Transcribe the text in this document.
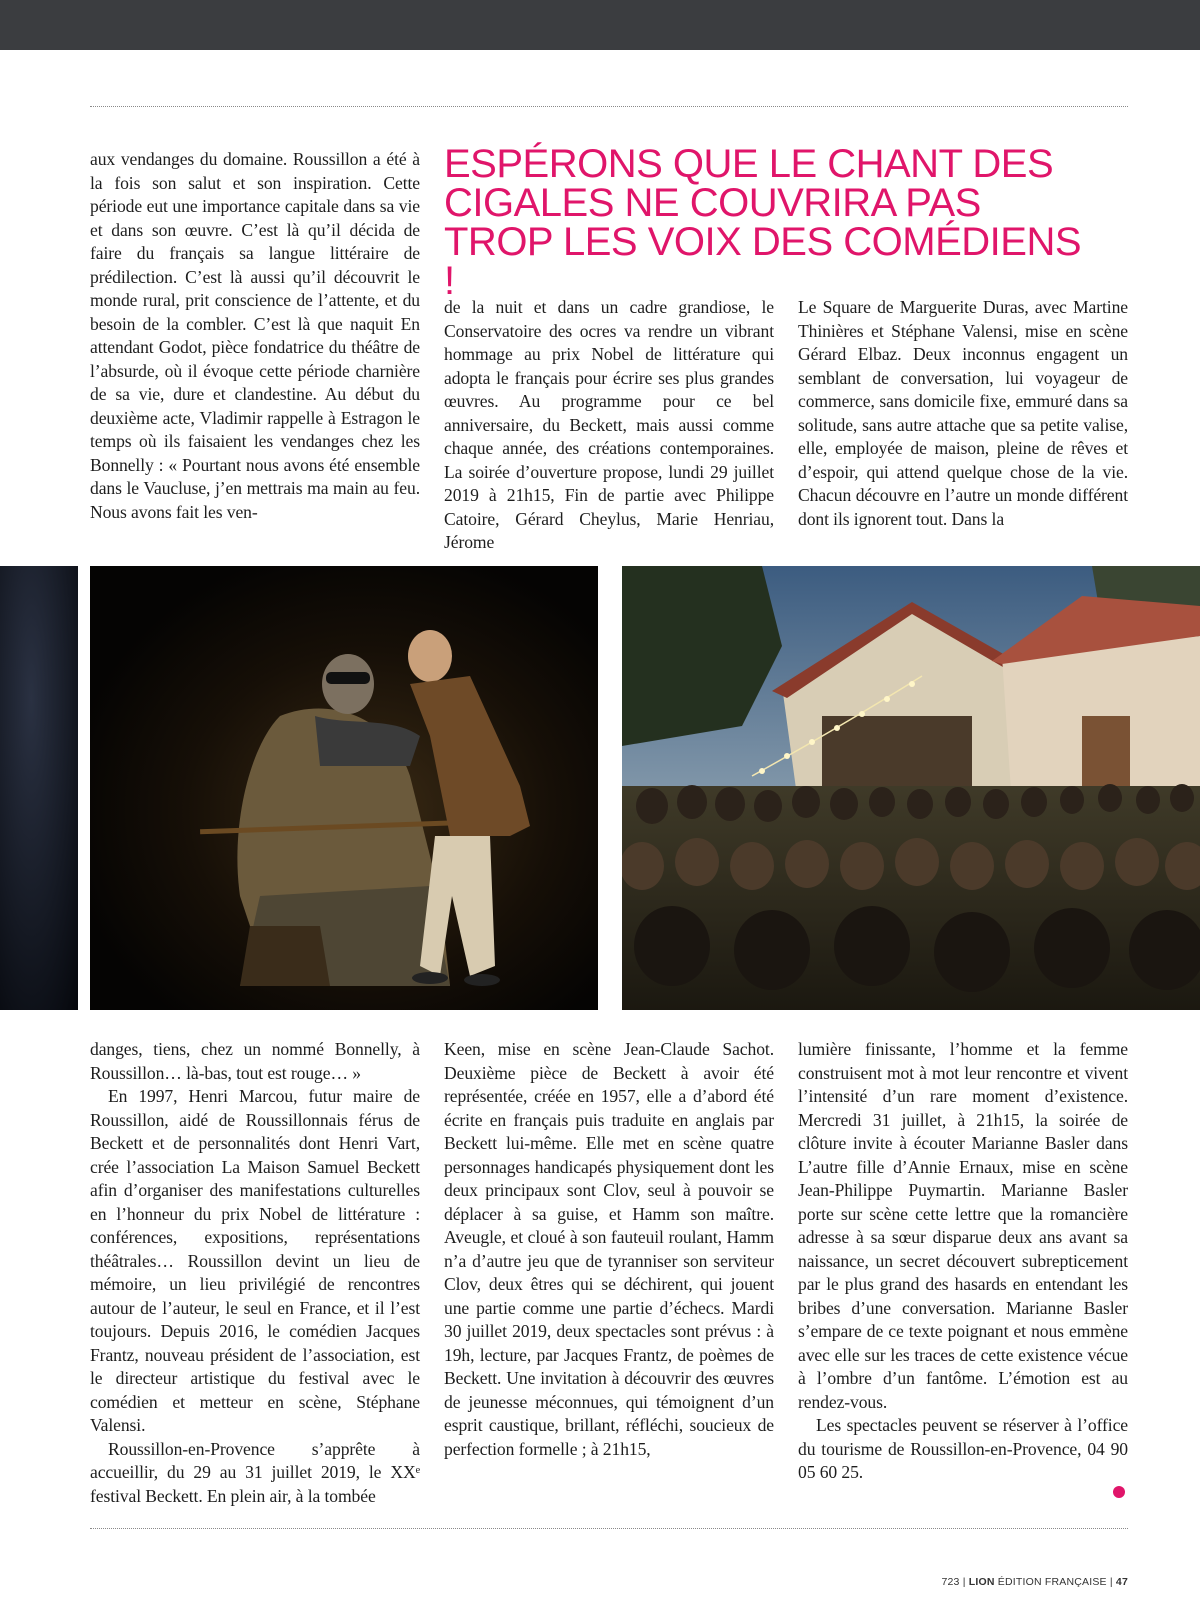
aux vendanges du domaine. Roussillon a été à la fois son salut et son inspiration. Cette période eut une importance capitale dans sa vie et dans son œuvre. C’est là qu’il décida de faire du français sa langue littéraire de prédilection. C’est là aussi qu’il découvrit le monde rural, prit conscience de l’attente, et du besoin de la combler. C’est là que naquit En attendant Godot, pièce fondatrice du théâtre de l’absurde, où il évoque cette période charnière de sa vie, dure et clandestine. Au début du deuxième acte, Vladimir rappelle à Estragon le temps où ils faisaient les vendanges chez les Bonnelly : « Pourtant nous avons été ensemble dans le Vaucluse, j’en mettrais ma main au feu. Nous avons fait les ven-

ESPÉRONS QUE LE CHANT DES CIGALES NE COUVRIRA PAS TROP LES VOIX DES COMÉDIENS !

de la nuit et dans un cadre grandiose, le Conservatoire des ocres va rendre un vibrant hommage au prix Nobel de littérature qui adopta le français pour écrire ses plus grandes œuvres. Au programme pour ce bel anniversaire, du Beckett, mais aussi comme chaque année, des créations contemporaines. La soirée d’ouverture propose, lundi 29 juillet 2019 à 21h15, Fin de partie avec Philippe Catoire, Gérard Cheylus, Marie Henriau, Jérome

Le Square de Marguerite Duras, avec Martine Thinières et Stéphane Valensi, mise en scène Gérard Elbaz. Deux inconnus engagent un semblant de conversation, lui voyageur de commerce, sans domicile fixe, emmuré dans sa solitude, sans autre attache que sa petite valise, elle, employée de maison, pleine de rêves et d’espoir, qui attend quelque chose de la vie. Chacun découvre en l’autre un monde différent dont ils ignorent tout. Dans la

danges, tiens, chez un nommé Bonnelly, à Roussillon… là-bas, tout est rouge… »

En 1997, Henri Marcou, futur maire de Roussillon, aidé de Roussillonnais férus de Beckett et de personnalités dont Henri Vart, crée l’association La Maison Samuel Beckett afin d’organiser des manifestations culturelles en l’honneur du prix Nobel de littérature : conférences, expositions, représentations théâtrales… Roussillon devint un lieu de mémoire, un lieu privilégié de rencontres autour de l’auteur, le seul en France, et il l’est toujours. Depuis 2016, le comédien Jacques Frantz, nouveau président de l’association, est le directeur artistique du festival avec le comédien et metteur en scène, Stéphane Valensi.

Roussillon-en-Provence s’apprête à accueillir, du 29 au 31 juillet 2019, le XXᵉ festival Beckett. En plein air, à la tombée

Keen, mise en scène Jean-Claude Sachot. Deuxième pièce de Beckett à avoir été représentée, créée en 1957, elle a d’abord été écrite en français puis traduite en anglais par Beckett lui-même. Elle met en scène quatre personnages handicapés physiquement dont les deux principaux sont Clov, seul à pouvoir se déplacer à sa guise, et Hamm son maître. Aveugle, et cloué à son fauteuil roulant, Hamm n’a d’autre jeu que de tyranniser son serviteur Clov, deux êtres qui se déchirent, qui jouent une partie comme une partie d’échecs. Mardi 30 juillet 2019, deux spectacles sont prévus : à 19h, lecture, par Jacques Frantz, de poèmes de Beckett. Une invitation à découvrir des œuvres de jeunesse méconnues, qui témoignent d’un esprit caustique, brillant, réfléchi, soucieux de perfection formelle ; à 21h15,

lumière finissante, l’homme et la femme construisent mot à mot leur rencontre et vivent l’intensité d’un rare moment d’existence. Mercredi 31 juillet, à 21h15, la soirée de clôture invite à écouter Marianne Basler dans L’autre fille d’Annie Ernaux, mise en scène Jean-Philippe Puymartin. Marianne Basler porte sur scène cette lettre que la romancière adresse à sa sœur disparue deux ans avant sa naissance, un secret découvert subrepticement par le plus grand des hasards en entendant les bribes d’une conversation. Marianne Basler s’empare de ce texte poignant et nous emmène avec elle sur les traces de cette existence vécue à l’ombre d’un fantôme. L’émotion est au rendez-vous.

Les spectacles peuvent se réserver à l’office du tourisme de Roussillon-en-Provence, 04 90 05 60 25.

723 | LION ÉDITION FRANÇAISE | 47
